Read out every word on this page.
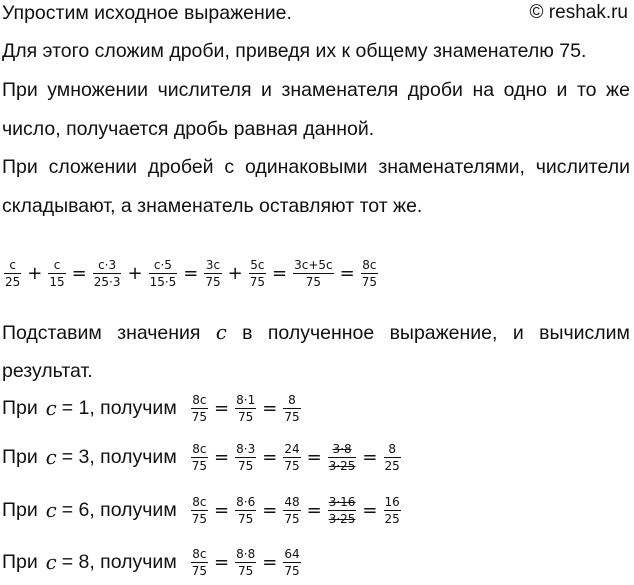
Упростим исходное выражение.	© reshak.ru
Для этого сложим дроби, приведя их к общему знаменателю 75.
При умножении числителя и знаменателя дроби на одно и то же
число, получается дробь равная данной.
При сложении дробей с одинаковыми знаменателями, числители
складывают, а знаменатель оставляют тот же.
$\frac{c}{25} + \frac{c}{15} = \frac{c\cdot 3}{25\cdot 3} + \frac{c\cdot 5}{15\cdot 5} = \frac{3c}{75} + \frac{5c}{75} = \frac{3c+5c}{75} = \frac{8c}{75}$
Подставим значения c в полученное выражение, и вычислим
результат.
При c = 1, получим $\frac{8c}{75} = \frac{8\cdot 1}{75} = \frac{8}{75}$
При c = 3, получим $\frac{8c}{75} = \frac{8\cdot 3}{75} = \frac{24}{75} = \frac{3\cdot 8}{3\cdot 25} = \frac{8}{25}$
При c = 6, получим $\frac{8c}{75} = \frac{8\cdot 6}{75} = \frac{48}{75} = \frac{3\cdot 16}{3\cdot 25} = \frac{16}{25}$
При c = 8, получим $\frac{8c}{75} = \frac{8\cdot 8}{75} = \frac{64}{75}$
